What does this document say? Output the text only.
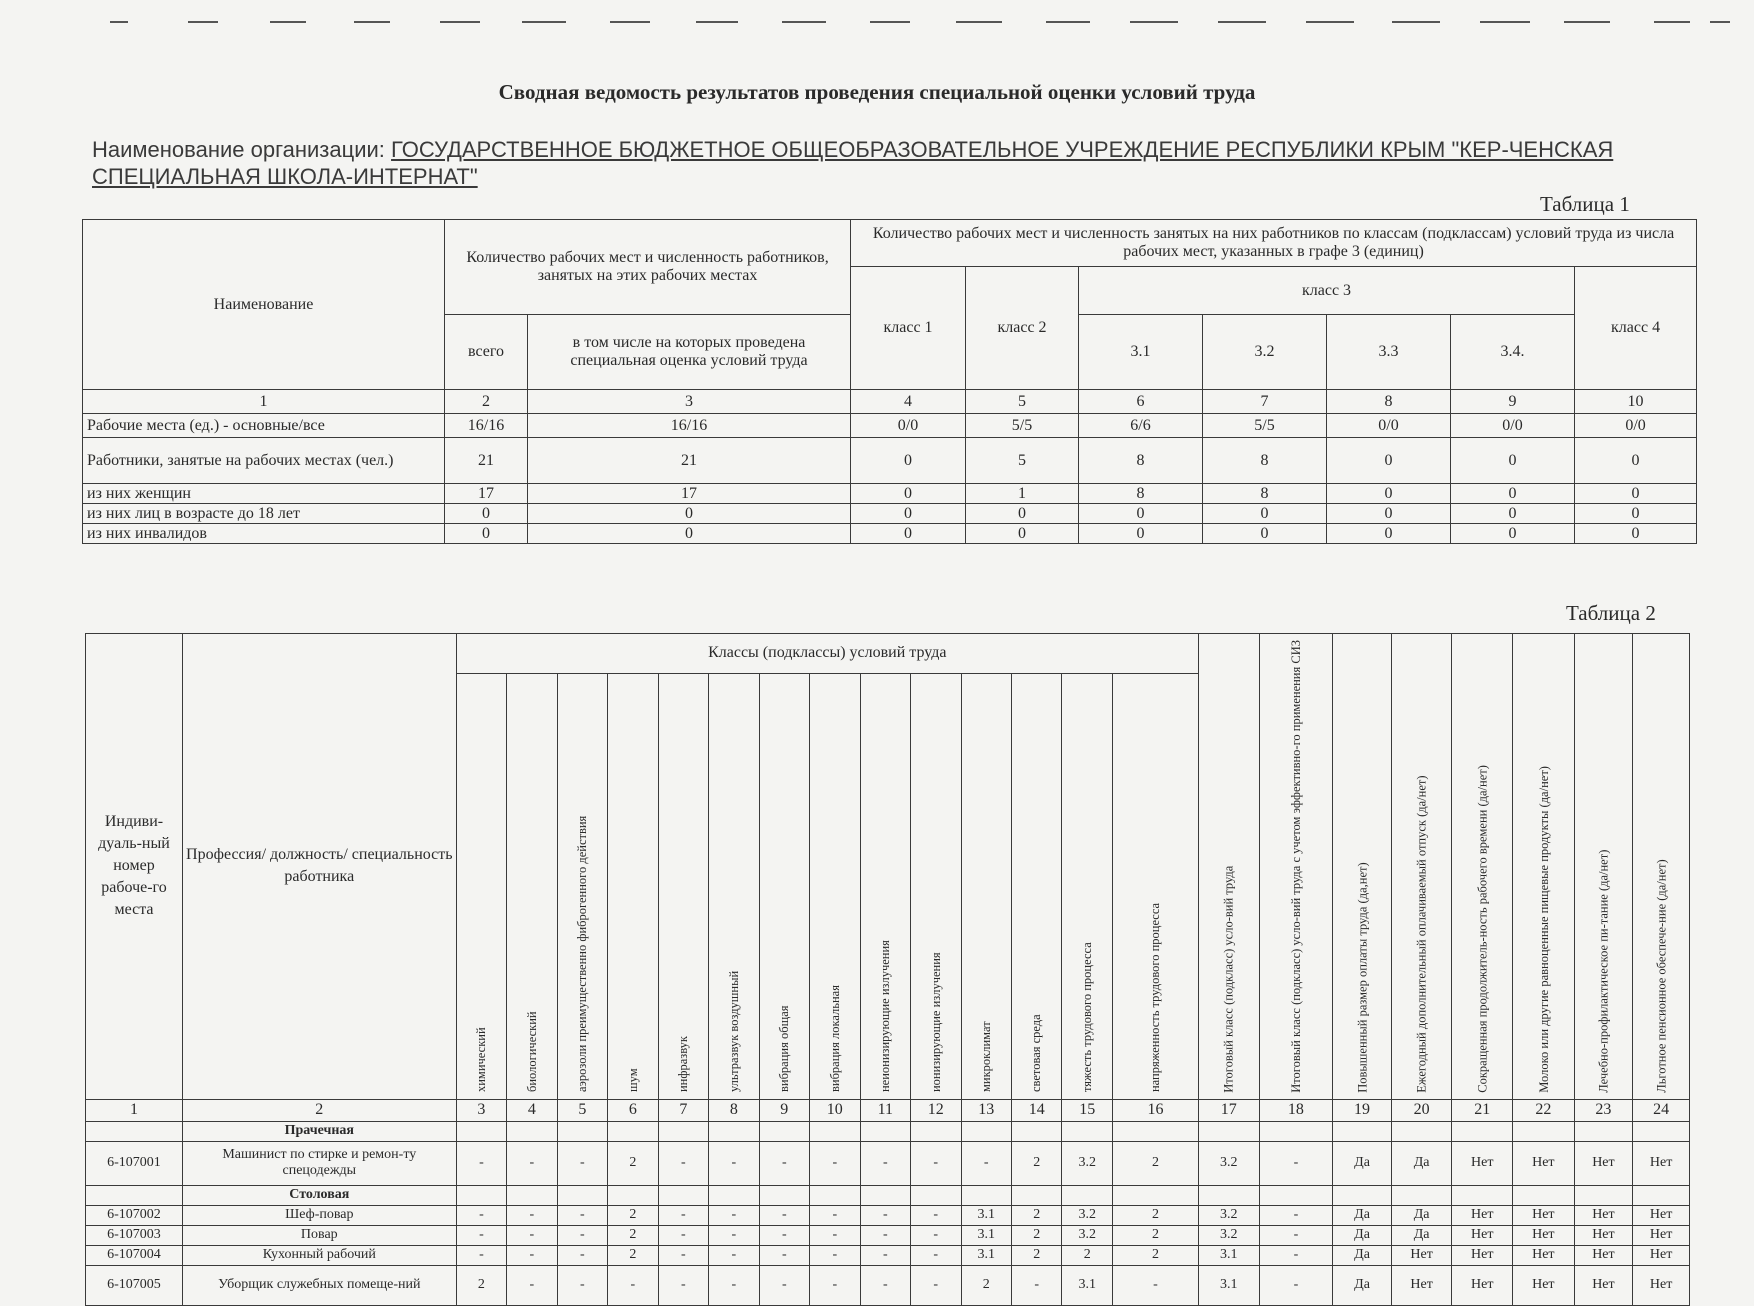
Сводная ведомость результатов проведения специальной оценки условий труда
Наименование организации: ГОСУДАРСТВЕННОЕ БЮДЖЕТНОЕ ОБЩЕОБРАЗОВАТЕЛЬНОЕ УЧРЕЖДЕНИЕ РЕСПУБЛИКИ КРЫМ "КЕР-ЧЕНСКАЯ СПЕЦИАЛЬНАЯ ШКОЛА-ИНТЕРНАТ"
Таблица 1
Наименование	Количество рабочих мест и численность работников, занятых на этих рабочих местах		Количество рабочих мест и численность занятых на них работников по классам (подклассам) условий труда из числа рабочих мест, указанных в графе 3 (единиц)						
			класс 1	класс 2	класс 3				класс 4
	всего	в том числе на которых проведена специальная оценка условий труда			3.1	3.2	3.3	3.4.	
1	2	3	4	5	6	7	8	9	10
Рабочие места (ед.) - основные/все	16/16	16/16	0/0	5/5	6/6	5/5	0/0	0/0	0/0
Работники, занятые на рабочих местах (чел.)	21	21	0	5	8	8	0	0	0
из них женщин	17	17	0	1	8	8	0	0	0
из них лиц в возрасте до 18 лет	0	0	0	0	0	0	0	0	0
из них инвалидов	0	0	0	0	0	0	0	0	0
Таблица 2
Индиви-дуаль-ный номер рабоче-го места	Профессия/ должность/ специальность работника	Классы (подклассы) условий труда														Итоговый класс (подкласс) усло-вий труда	Итоговый класс (подкласс) усло-вий труда с учетом эффективно-го применения СИЗ	Повышенный размер оплаты труда (да,нет)	Ежегодный дополнительный оплачиваемый отпуск (да/нет)	Сокращенная продолжитель-ность рабочего времени (да/нет)	Молоко или другие равноценные пищевые продукты (да/нет)	Лечебно-профилактическое пи-тание (да/нет)	Льготное пенсионное обеспече-ние (да/нет)
		химический	биологический	аэрозоли преимущественно фиброгенного действия	шум	инфразвук	ультразвук воздушный	вибрация общая	вибрация локальная	неионизирующие излучения	ионизирующие излучения	микроклимат	световая среда	тяжесть трудового процесса	напряженность трудового процесса								
1	2	3	4	5	6	7	8	9	10	11	12	13	14	15	16	17	18	19	20	21	22	23	24
	Прачечная																						
6-107001	Машинист по стирке и ремон-ту спецодежды	-	-	-	2	-	-	-	-	-	-	-	2	3.2	2	3.2	-	Да	Да	Нет	Нет	Нет	Нет
	Столовая																						
6-107002	Шеф-повар	-	-	-	2	-	-	-	-	-	-	3.1	2	3.2	2	3.2	-	Да	Да	Нет	Нет	Нет	Нет
6-107003	Повар	-	-	-	2	-	-	-	-	-	-	3.1	2	3.2	2	3.2	-	Да	Да	Нет	Нет	Нет	Нет
6-107004	Кухонный рабочий	-	-	-	2	-	-	-	-	-	-	3.1	2	2	2	3.1	-	Да	Нет	Нет	Нет	Нет	Нет
6-107005	Уборщик служебных помеще-ний	2	-	-	-	-	-	-	-	-	-	2	-	3.1	-	3.1	-	Да	Нет	Нет	Нет	Нет	Нет
